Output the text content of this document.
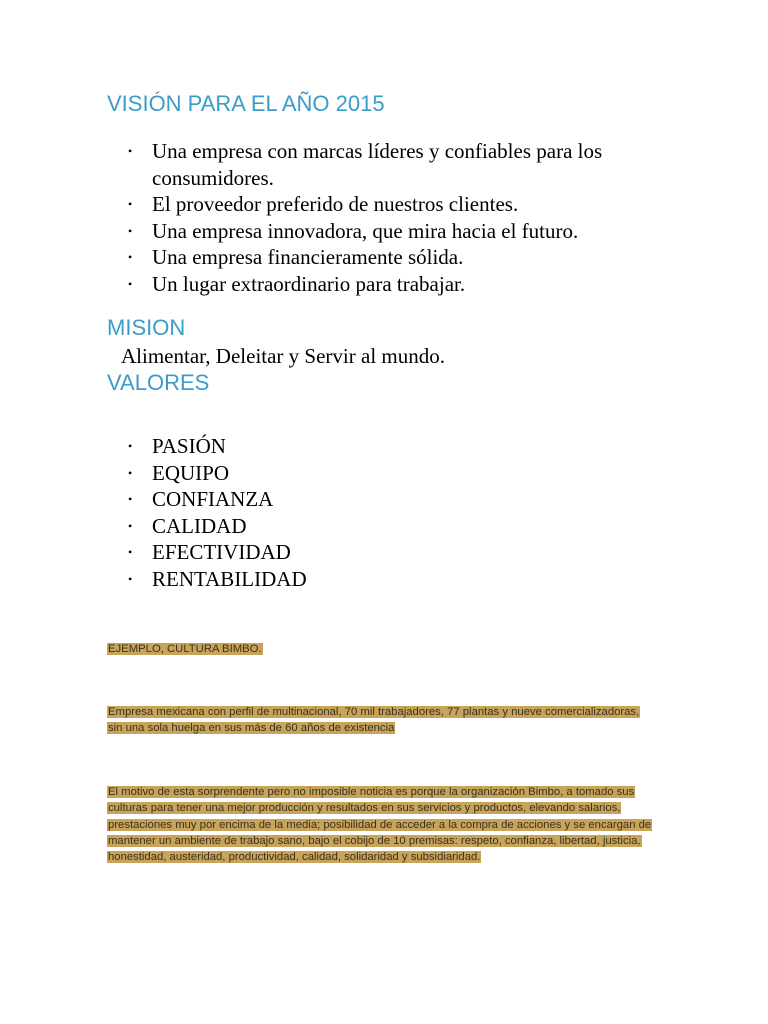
VISIÓN PARA EL AÑO 2015
• Una empresa con marcas líderes y confiables para los consumidores.
• El proveedor preferido de nuestros clientes.
• Una empresa innovadora, que mira hacia el futuro.
• Una empresa financieramente sólida.
• Un lugar extraordinario para trabajar.
MISION

Alimentar, Deleitar y Servir al mundo.

VALORES
• PASIÓN
• EQUIPO
• CONFIANZA
• CALIDAD
• EFECTIVIDAD
• RENTABILIDAD

EJEMPLO, CULTURA BIMBO.

Empresa mexicana con perfil de multinacional, 70 mil trabajadores, 77 plantas y nueve comercializadoras, sin una sola huelga en sus más de 60 años de existencia

El motivo de esta sorprendente pero no imposible noticia es porque la organización Bimbo, a tomado sus culturas para tener una mejor producción y resultados en sus servicios y productos, elevando salarios, prestaciones muy por encima de la media; posibilidad de acceder a la compra de acciones y se encargan de mantener un ambiente de trabajo sano, bajo el cobijo de 10 premisas: respeto, confianza, libertad, justicia, honestidad, austeridad, productividad, calidad, solidaridad y subsidiaridad.
